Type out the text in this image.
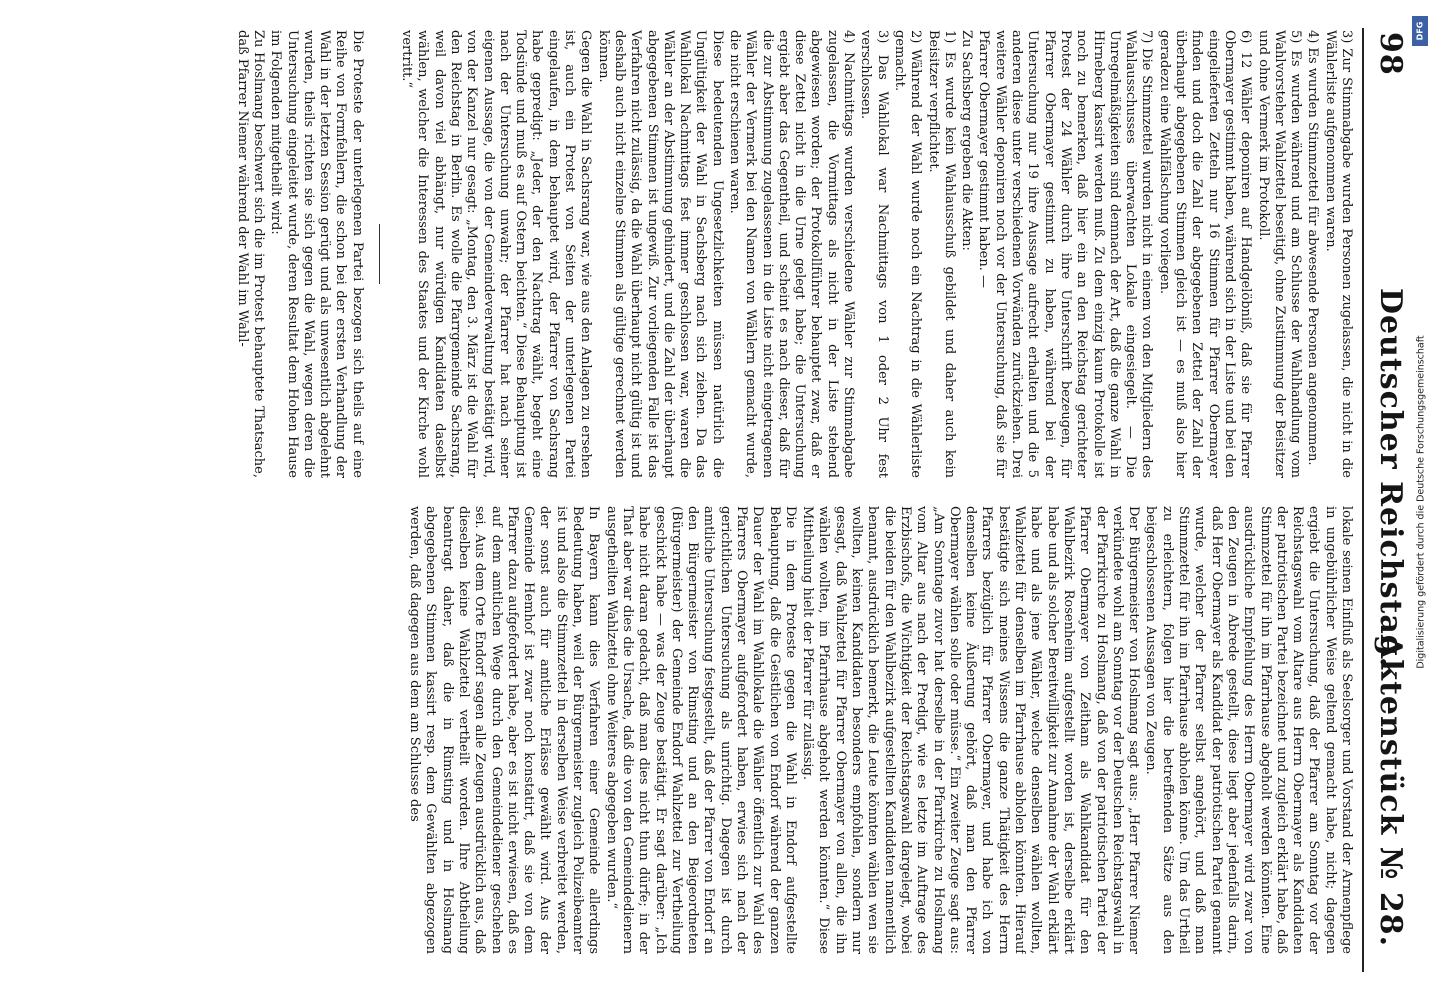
98
Deutscher Reichstag.
Aktenstück № 28.

3) Zur Stimmabgabe wurden Personen zugelassen, die nicht in die Wählerliste aufgenommen waren.

4) Es wurden Stimmzettel für abwesende Personen angenommen.

5) Es wurden während und am Schlusse der Wahlhandlung vom Wahlvorsteher Wahlzettel beseitigt, ohne Zustimmung der Beisitzer und ohne Vermerk im Protokoll.

6) 12 Wähler deponiren auf Handgelöbniß, daß sie für Pfarrer Obermayer gestimmt haben, während sich in der Liste und bei den eingelieferten Zetteln nur 16 Stimmen für Pfarrer Obermayer finden und doch die Zahl der abgegebenen Zettel der Zahl der überhaupt abgegebenen Stimmen gleich ist — es muß also hier geradezu eine Wahlfälschung vorliegen.

7) Die Stimmzettel wurden nicht in einem von den Mitgliedern des Wahlausschusses überwachten Lokale eingesiegelt. — Die Unregelmäßigkeiten sind demnach der Art, daß die ganze Wahl in Hirneberg kassirt werden muß. Zu dem einzig kaum Protokolle ist noch zu bemerken, daß hier ein an den Reichstag gerichteter Protest der 24 Wähler durch ihre Unterschrift bezeugen, für Pfarrer Obermayer gestimmt zu haben, während bei der Untersuchung nur 19 ihre Aussage aufrecht erhalten und die 5 anderen diese unter verschiedenen Vorwänden zurückziehen. Drei weitere Wähler deponiren noch vor der Untersuchung, daß sie für Pfarrer Obermayer gestimmt haben. —

Zu Sachsberg ergeben die Akten:

1) Es wurde kein Wahlausschuß gebildet und daher auch kein Beisitzer verpflichtet.

2) Während der Wahl wurde noch ein Nachtrag in die Wählerliste gemacht.

3) Das Wahllokal war Nachmittags von 1 oder 2 Uhr fest verschlossen.

4) Nachmittags wurden verschiedene Wähler zur Stimmabgabe zugelassen, die Vormittags als nicht in der Liste stehend abgewiesen worden; der Protokollführer behauptet zwar, daß er diese Zettel nicht in die Urne gelegt habe; die Untersuchung ergiebt aber das Gegentheil, und scheint es nach dieser, daß für die zur Abstimmung zugelassenen in die Liste nicht eingetragenen Wähler der Vermerk bei den Namen von Wählern gemacht wurde, die nicht erschienen waren.

Diese bedeutenden Ungesetzlichkeiten müssen natürlich die Ungültigkeit der Wahl in Sachsberg nach sich ziehen. Da das Wahllokal Nachmittags fest immer geschlossen war, waren die Wähler an der Abstimmung gehindert, und die Zahl der überhaupt abgegebenen Stimmen ist ungewiß. Zur vorliegenden Falle ist das Verfahren nicht zulässig, da die Wahl überhaupt nicht gültig ist und deshalb auch nicht einzelne Stimmen als gültige gerechnet werden können.

Gegen die Wahl in Sachsrang war, wie aus den Anlagen zu ersehen ist, auch ein Protest von Seiten der unterlegenen Partei eingelaufen, in dem behauptet wird, der Pfarrer von Sachsrang habe gepredigt: „Jeder, der den Nachtrag wählt, begeht eine Todsünde und muß es auf Ostern beichten.“ Diese Behauptung ist nach der Untersuchung unwahr; der Pfarrer hat nach seiner eigenen Aussage, die von der Gemeindeverwaltung bestätigt wird, von der Kanzel nur gesagt: „Montag, den 3. März ist die Wahl für den Reichstag in Berlin. Es wolle die Pfarrgemeinde Sachsrang, weil davon viel abhängt, nur würdigen Kandidaten daselbst wählen, welcher die Interessen des Staates und der Kirche wohl vertritt.“

Die Proteste der unterlegenen Partei bezogen sich theils auf eine Reihe von Formfehlern, die schon bei der ersten Verhandlung der Wahl in der letzten Session gerügt und als unwesentlich abgelehnt wurden, theils richten sie sich gegen die Wahl, wegen deren die Untersuchung eingeleitet wurde, deren Resultat dem Hohen Hause im Folgenden mitgetheilt wird:

Zu Hoslmang beschwert sich die im Protest behauptete Thatsache, daß Pfarrer Niemer während der Wahl im Wahl-

lokale seinen Einfluß als Seelsorger und Vorstand der Armenpflege in ungebührlicher Weise geltend gemacht habe, nicht; dagegen ergiebt die Untersuchung, daß der Pfarrer am Sonntag vor der Reichstagswahl vom Altare aus Herrn Obermayer als Kandidaten der patriotischen Partei bezeichnet und zugleich erklärt habe, daß Stimmzettel für ihn im Pfarrhause abgeholt werden könnten. Eine ausdrückliche Empfehlung des Herrn Obermayer wird zwar von den Zeugen in Abrede gestellt, diese liegt aber jedenfalls darin, daß Herr Obermayer als Kandidat der patriotischen Partei genannt wurde, welcher der Pfarrer selbst angehört, und daß man Stimmzettel für ihn im Pfarrhause abholen könne. Um das Urtheil zu erleichtern, folgen hier die betreffenden Sätze aus den beigeschlossenen Aussagen von Zeugen.

Der Bürgermeister von Hoslmang sagt aus: „Herr Pfarrer Niemer verkündete wohl am Sonntag vor der Deutschen Reichstagswahl in der Pfarrkirche zu Hoslmang, daß von der patriotischen Partei der Pfarrer Obermayer von Zeitham als Wahlkandidat für den Wahlbezirk Rosenheim aufgestellt worden ist, derselbe erklärt habe und als solcher Bereitwilligkeit zur Annahme der Wahl erklärt habe und als jene Wähler, welche denselben wählen wollten, Wahlzettel für denselben im Pfarrhause abholen könnten. Hierauf bestätigte sich meines Wissens die ganze Thätigkeit des Herrn Pfarrers bezüglich für Pfarrer Obermayer, und habe ich von demselben keine Äußerung gehört, daß man den Pfarrer Obermayer wählen solle oder müsse.“ Ein zweiter Zeuge sagt aus: „Am Sonntage zuvor hat derselbe in der Pfarrkirche zu Hoslmang vom Altar aus nach der Predigt, wie es letzte im Auftrage des Erzbischofs, die Wichtigkeit der Reichstagswahl dargelegt, wobei die beiden für den Wahlbezirk aufgestellten Kandidaten namentlich benannt, ausdrücklich bemerkt, die Leute könnten wählen wen sie wollten, keinen Kandidaten besonders empfohlen, sondern nur gesagt, daß Wahlzettel für Pfarrer Obermayer von allen, die ihn wählen wollten, im Pfarrhause abgeholt werden könnten.“ Diese Mittheilung hielt der Pfarrer für zulässig.

Die in dem Proteste gegen die Wahl in Endorf aufgestellte Behauptung, daß die Geistlichen von Endorf während der ganzen Dauer der Wahl im Wahllokale die Wähler öffentlich zur Wahl des Pfarrers Obermayer aufgefordert haben, erwies sich nach der gerichtlichen Untersuchung als unrichtig. Dagegen ist durch amtliche Untersuchung festgestellt, daß der Pfarrer von Endorf an den Bürgermeister von Rimsting und an den Beigeordneten (Bürgermeister) der Gemeinde Endorf Wahlzettel zur Vertheilung geschickt habe — was der Zeuge bestätigt. Er sagt darüber: „Ich habe nicht daran gedacht, daß man dies nicht thun dürfe; in der That aber war dies die Ursache, daß die von den Gemeindedienern ausgetheilten Wahlzettel ohne Weiteres abgegeben wurden.“

In Bayern kann dies Verfahren einer Gemeinde allerdings Bedeutung haben, weil der Bürgermeister zugleich Polizeibeamter ist und also die Stimmzettel in derselben Weise verbreitet werden, der sonst auch für amtliche Erlässe gewählt wird. Aus der Gemeinde Hemhof ist zwar noch konstatirt, daß sie von dem Pfarrer dazu aufgefordert habe, aber es ist nicht erwiesen, daß es auf dem amtlichen Wege durch den Gemeindediener geschehen sei. Aus dem Orte Endorf sagen alle Zeugen ausdrücklich aus, daß dieselben keine Wahlzettel vertheilt worden. Ihre Abtheilung beantragt daher, daß die in Rimsting und in Hoslmang abgegebenen Stimmen kassirt resp. dem Gewählten abgezogen werden, daß dagegen aus dem am Schlusse des

DFG
Digitalisierung gefördert durch die Deutsche Forschungsgemeinschaft
